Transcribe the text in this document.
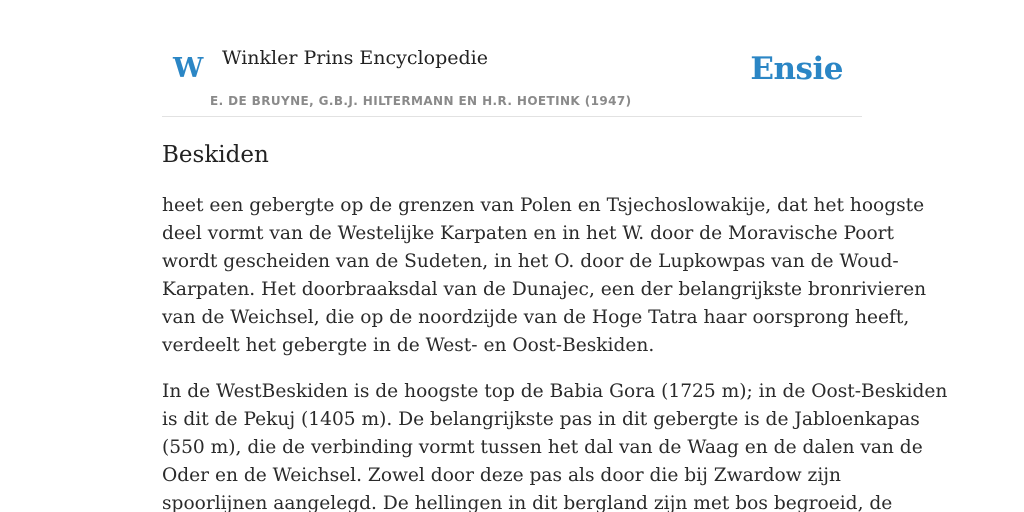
W Winkler Prins Encyclopedie
E. DE BRUYNE, G.B.J. HILTERMANN EN H.R. HOETINK (1947)
Ensie
Beskiden

heet een gebergte op de grenzen van Polen en Tsjechoslowakije, dat het hoogste
deel vormt van de Westelijke Karpaten en in het W. door de Moravische Poort
wordt gescheiden van de Sudeten, in het O. door de Lupkowpas van de Woud-
Karpaten. Het doorbraaksdal van de Dunajec, een der belangrijkste bronrivieren
van de Weichsel, die op de noordzijde van de Hoge Tatra haar oorsprong heeft,
verdeelt het gebergte in de West- en Oost-Beskiden.

In de WestBeskiden is de hoogste top de Babia Gora (1725 m); in de Oost-Beskiden
is dit de Pekuj (1405 m). De belangrijkste pas in dit gebergte is de Jabloenkapas
(550 m), die de verbinding vormt tussen het dal van de Waag en de dalen van de
Oder en de Weichsel. Zowel door deze pas als door die bij Zwardow zijn
spoorlijnen aangelegd. De hellingen in dit bergland zijn met bos begroeid, de
